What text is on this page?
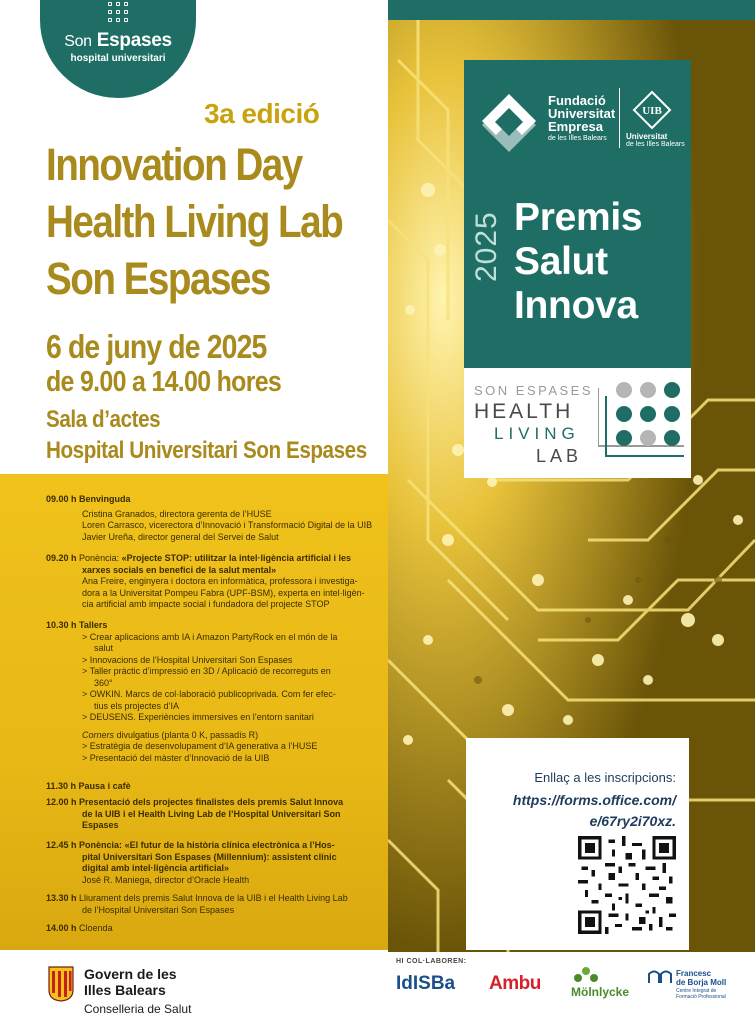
Son Espases
hospital universitari
3a edició
Innovation Day
Health Living Lab
Son Espases
6 de juny de 2025
de 9.00 a 14.00 hores
Sala d’actes
Hospital Universitari Son Espases
09.00 h Benvinguda
Cristina Granados, directora gerenta de l’HUSE
Loren Carrasco, vicerectora d’Innovació i Transformació Digital de la UIB
Javier Ureña, director general del Servei de Salut
09.20 h Ponència: «Projecte STOP: utilitzar la intel·ligència artificial i les
xarxes socials en benefici de la salut mental»
Ana Freire, enginyera i doctora en informàtica, professora i investiga-
dora a la Universitat Pompeu Fabra (UPF-BSM), experta en intel·ligèn-
cia artificial amb impacte social i fundadora del projecte STOP
10.30 h Tallers
> Crear aplicacions amb IA i Amazon PartyRock en el món de la
salut
> Innovacions de l’Hospital Universitari Son Espases
> Taller pràctic d’impressió en 3D / Aplicació de recorreguts en
360°
> OWKIN. Marcs de col·laboració publicoprivada. Com fer efec-
tius els projectes d’IA
> DEUSENS. Experiències immersives en l’entorn sanitari
Corners divulgatius (planta 0 K, passadís R)
> Estratègia de desenvolupament d’IA generativa a l’HUSE
> Presentació del màster d’Innovació de la UIB
11.30 h Pausa i cafè
12.00 h Presentació dels projectes finalistes dels premis Salut Innova
de la UIB i el Health Living Lab de l’Hospital Universitari Son
Espases
12.45 h Ponència: «El futur de la història clínica electrònica a l’Hos-
pital Universitari Son Espases (Millennium): assistent clínic
digital amb intel·ligència artificial»
José R. Maniega, director d’Oracle Health
13.30 h Lliurament dels premis Salut Innova de la UIB i el Health Living Lab
de l’Hospital Universitari Son Espases
14.00 h Cloenda
Govern de les
Illes Balears
Conselleria de Salut
Fundació
Universitat
Empresa
de les Illes Balears
UIB
Universitat
de les Illes Balears
2025 Premis
Salut
Innova
SON ESPASES
HEALTH
LIVING
LAB
Enllaç a les inscripcions:
https://forms.office.com/
e/67ry2i70xz.
HI COL·LABOREN:
IdISBa Ambu	Mölnlycke
Francesc
de Borja Moll
Centre Integrat de
Formació Professional
